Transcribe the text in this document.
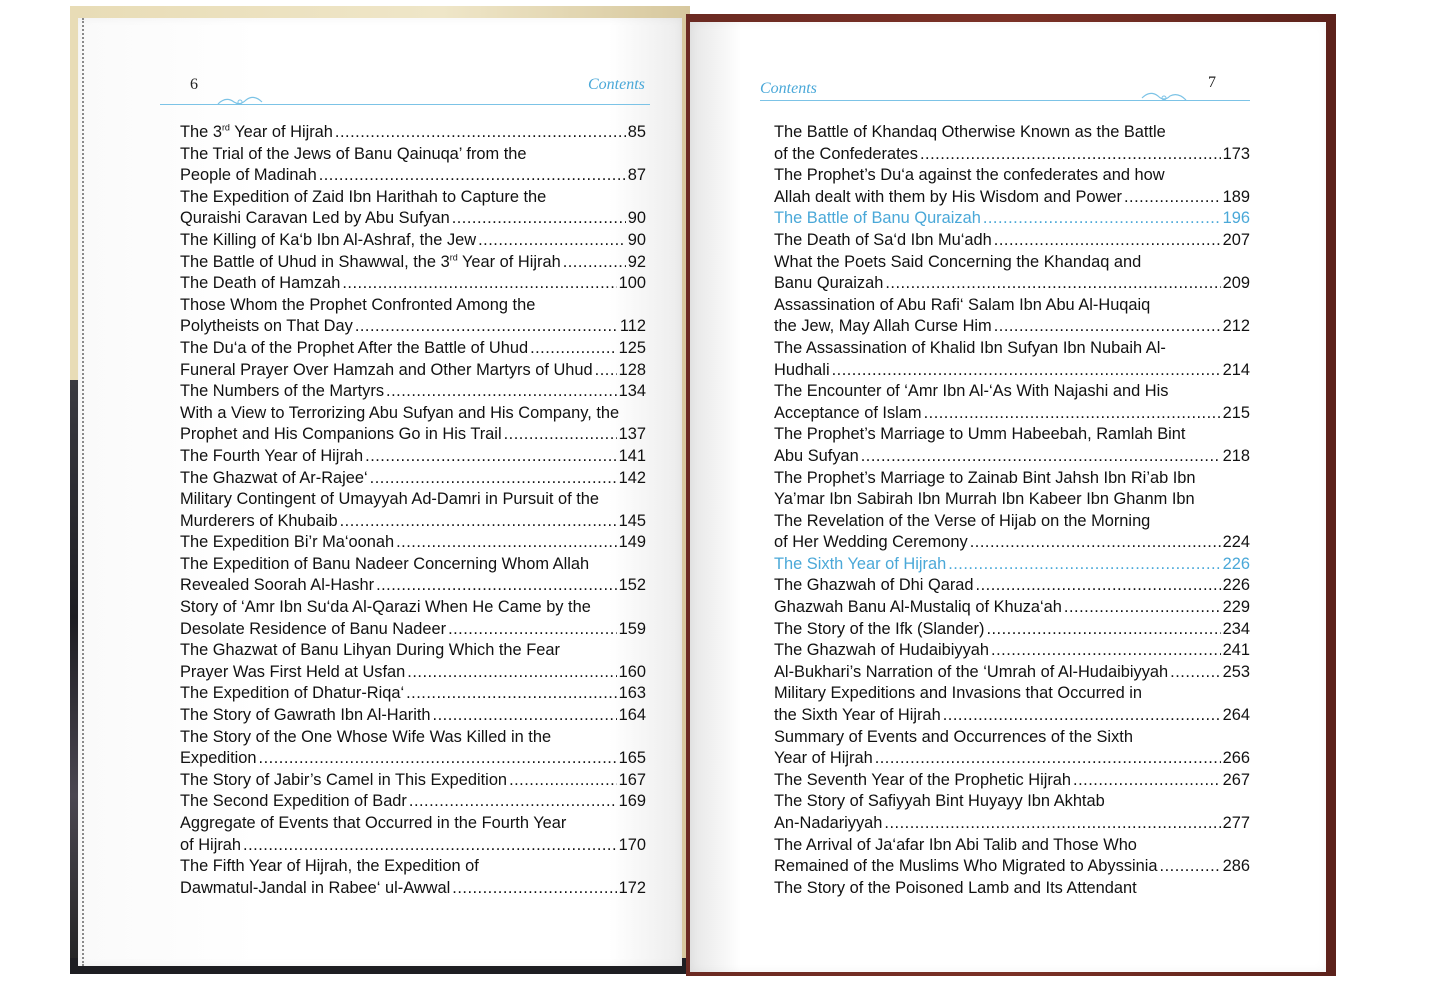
6	Contents
The 3rd Year of Hijrah .....	85
The Trial of the Jews of Banu Qainuqa’ from the
People of Madinah .....	87
The Expedition of Zaid Ibn Harithah to Capture the
Quraishi Caravan Led by Abu Sufyan .....	90
The Killing of Ka‘b Ibn Al-Ashraf, the Jew .....	90
The Battle of Uhud in Shawwal, the 3rd Year of Hijrah .....	92
The Death of Hamzah .....	100
Those Whom the Prophet Confronted Among the
Polytheists on That Day .....	112
The Du‘a of the Prophet After the Battle of Uhud .....	125
Funeral Prayer Over Hamzah and Other Martyrs of Uhud ..... 128
The Numbers of the Martyrs .....	134
With a View to Terrorizing Abu Sufyan and His Company, the
Prophet and His Companions Go in His Trail .....	137
The Fourth Year of Hijrah .....	141
The Ghazwat of Ar-Rajee‘ .....	142
Military Contingent of Umayyah Ad-Damri in Pursuit of the
Murderers of Khubaib .....	145
The Expedition Bi’r Ma‘oonah .....	149
The Expedition of Banu Nadeer Concerning Whom Allah
Revealed Soorah Al-Hashr .....	152
Story of ‘Amr Ibn Su‘da Al-Qarazi When He Came by the
Desolate Residence of Banu Nadeer .....	159
The Ghazwat of Banu Lihyan During Which the Fear
Prayer Was First Held at Usfan .....	160
The Expedition of Dhatur-Riqa‘ .....	163
The Story of Gawrath Ibn Al-Harith .....	164
The Story of the One Whose Wife Was Killed in the
Expedition .....	165
The Story of Jabir’s Camel in This Expedition .....	167
The Second Expedition of Badr .....	169
Aggregate of Events that Occurred in the Fourth Year
of Hijrah .....	170
The Fifth Year of Hijrah, the Expedition of
Dawmatul-Jandal in Rabee‘ ul-Awwal .....	172
Contents	7
The Battle of Khandaq Otherwise Known as the Battle
of the Confederates .....	173
The Prophet’s Du‘a against the confederates and how
Allah dealt with them by His Wisdom and Power .....	189
The Battle of Banu Quraizah .....	196
The Death of Sa‘d Ibn Mu‘adh .....	207
What the Poets Said Concerning the Khandaq and
Banu Quraizah .....	209
Assassination of Abu Rafi‘ Salam Ibn Abu Al-Huqaiq
the Jew, May Allah Curse Him .....	212
The Assassination of Khalid Ibn Sufyan Ibn Nubaih Al-
Hudhali .....	214
The Encounter of ‘Amr Ibn Al-‘As With Najashi and His
Acceptance of Islam .....	215
The Prophet’s Marriage to Umm Habeebah, Ramlah Bint
Abu Sufyan .....	218
The Prophet’s Marriage to Zainab Bint Jahsh Ibn Ri’ab Ibn
Ya’mar Ibn Sabirah Ibn Murrah Ibn Kabeer Ibn Ghanm Ibn
The Revelation of the Verse of Hijab on the Morning
of Her Wedding Ceremony .....	224
The Sixth Year of Hijrah .....	226
The Ghazwah of Dhi Qarad .....	226
Ghazwah Banu Al-Mustaliq of Khuza‘ah .....	229
The Story of the Ifk (Slander) .....	234
The Ghazwah of Hudaibiyyah .....	241
Al-Bukhari’s Narration of the ‘Umrah of Al-Hudaibiyyah .....	253
Military Expeditions and Invasions that Occurred in
the Sixth Year of Hijrah .....	264
Summary of Events and Occurrences of the Sixth
Year of Hijrah .....	266
The Seventh Year of the Prophetic Hijrah .....	267
The Story of Safiyyah Bint Huyayy Ibn Akhtab
An-Nadariyyah .....	277
The Arrival of Ja‘afar Ibn Abi Talib and Those Who
Remained of the Muslims Who Migrated to Abyssinia .....	286
The Story of the Poisoned Lamb and Its Attendant
